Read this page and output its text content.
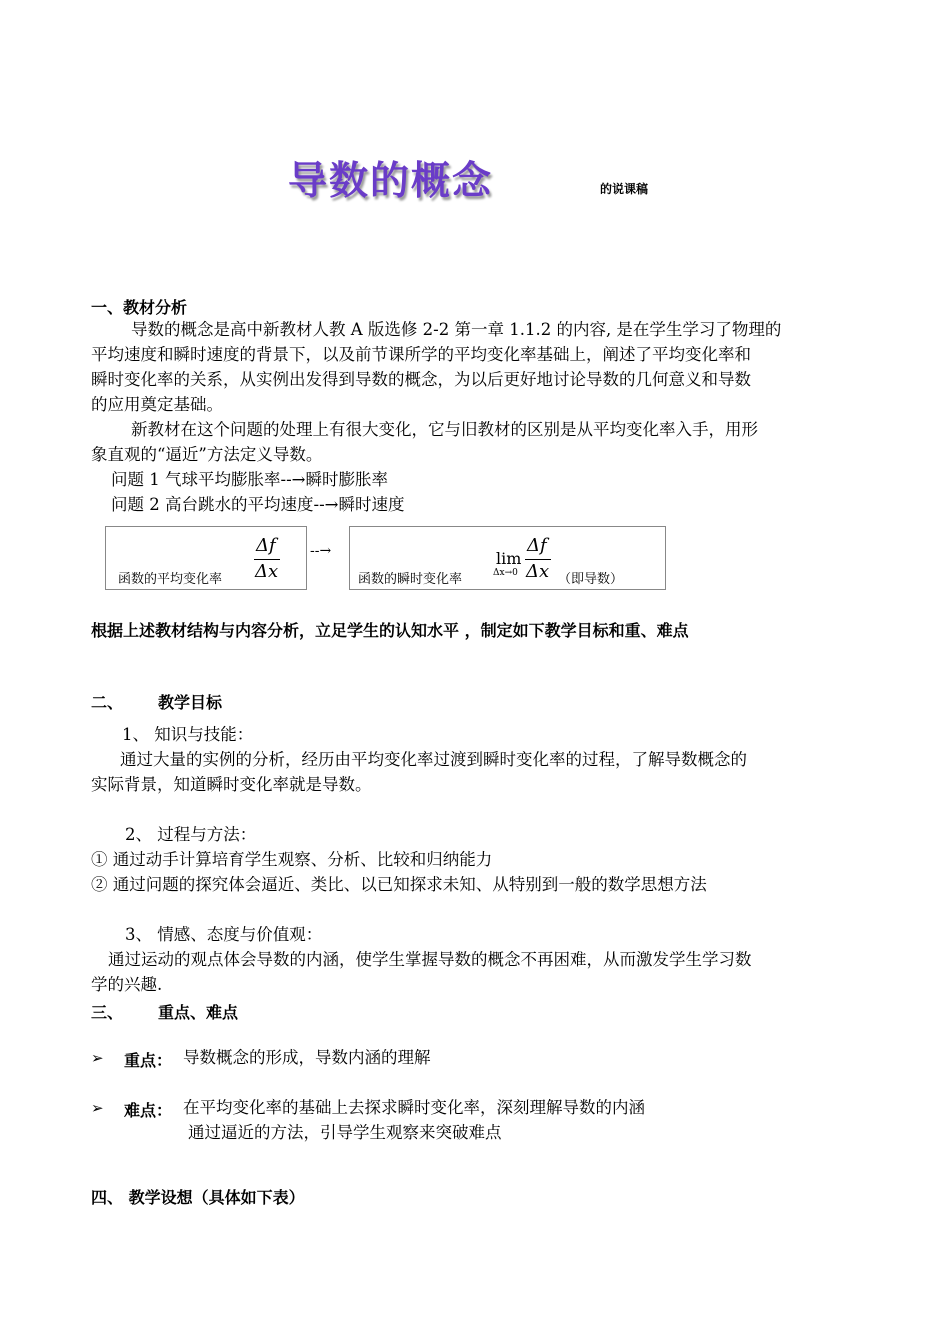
导数的概念	的说课稿
一、教材分析
导数的概念是高中新教材人教 A 版选修 2-2 第一章 1.1.2 的内容, 是在学生学习了物理的
平均速度和瞬时速度的背景下，以及前节课所学的平均变化率基础上，阐述了平均变化率和
瞬时变化率的关系，从实例出发得到导数的概念，为以后更好地讨论导数的几何意义和导数
的应用奠定基础。
新教材在这个问题的处理上有很大变化，它与旧教材的区别是从平均变化率入手，用形
象直观的“逼近”方法定义导数。
问题 1 气球平均膨胀率--→瞬时膨胀率
问题 2 高台跳水的平均速度--→瞬时速度
函数的平均变化率
Δf
Δx
--→
函数的瞬时变化率
lim
Δx→0
Δf
Δx （即导数）
根据上述教材结构与内容分析，立足学生的认知水平 ，制定如下教学目标和重、难点
二、 教学目标
1、 知识与技能：
通过大量的实例的分析，经历由平均变化率过渡到瞬时变化率的过程，了解导数概念的
实际背景，知道瞬时变化率就是导数。
2、 过程与方法：
① 通过动手计算培育学生观察、分析、比较和归纳能力
② 通过问题的探究体会逼近、类比、以已知探求未知、从特别到一般的数学思想方法
3、 情感、态度与价值观：
通过运动的观点体会导数的内涵，使学生掌握导数的概念不再困难，从而激发学生学习数
学的兴趣.
三、 重点、难点
➢ 重点： 导数概念的形成，导数内涵的理解
➢ 难点： 在平均变化率的基础上去探求瞬时变化率，深刻理解导数的内涵
通过逼近的方法，引导学生观察来突破难点
四、 教学设想（具体如下表）
